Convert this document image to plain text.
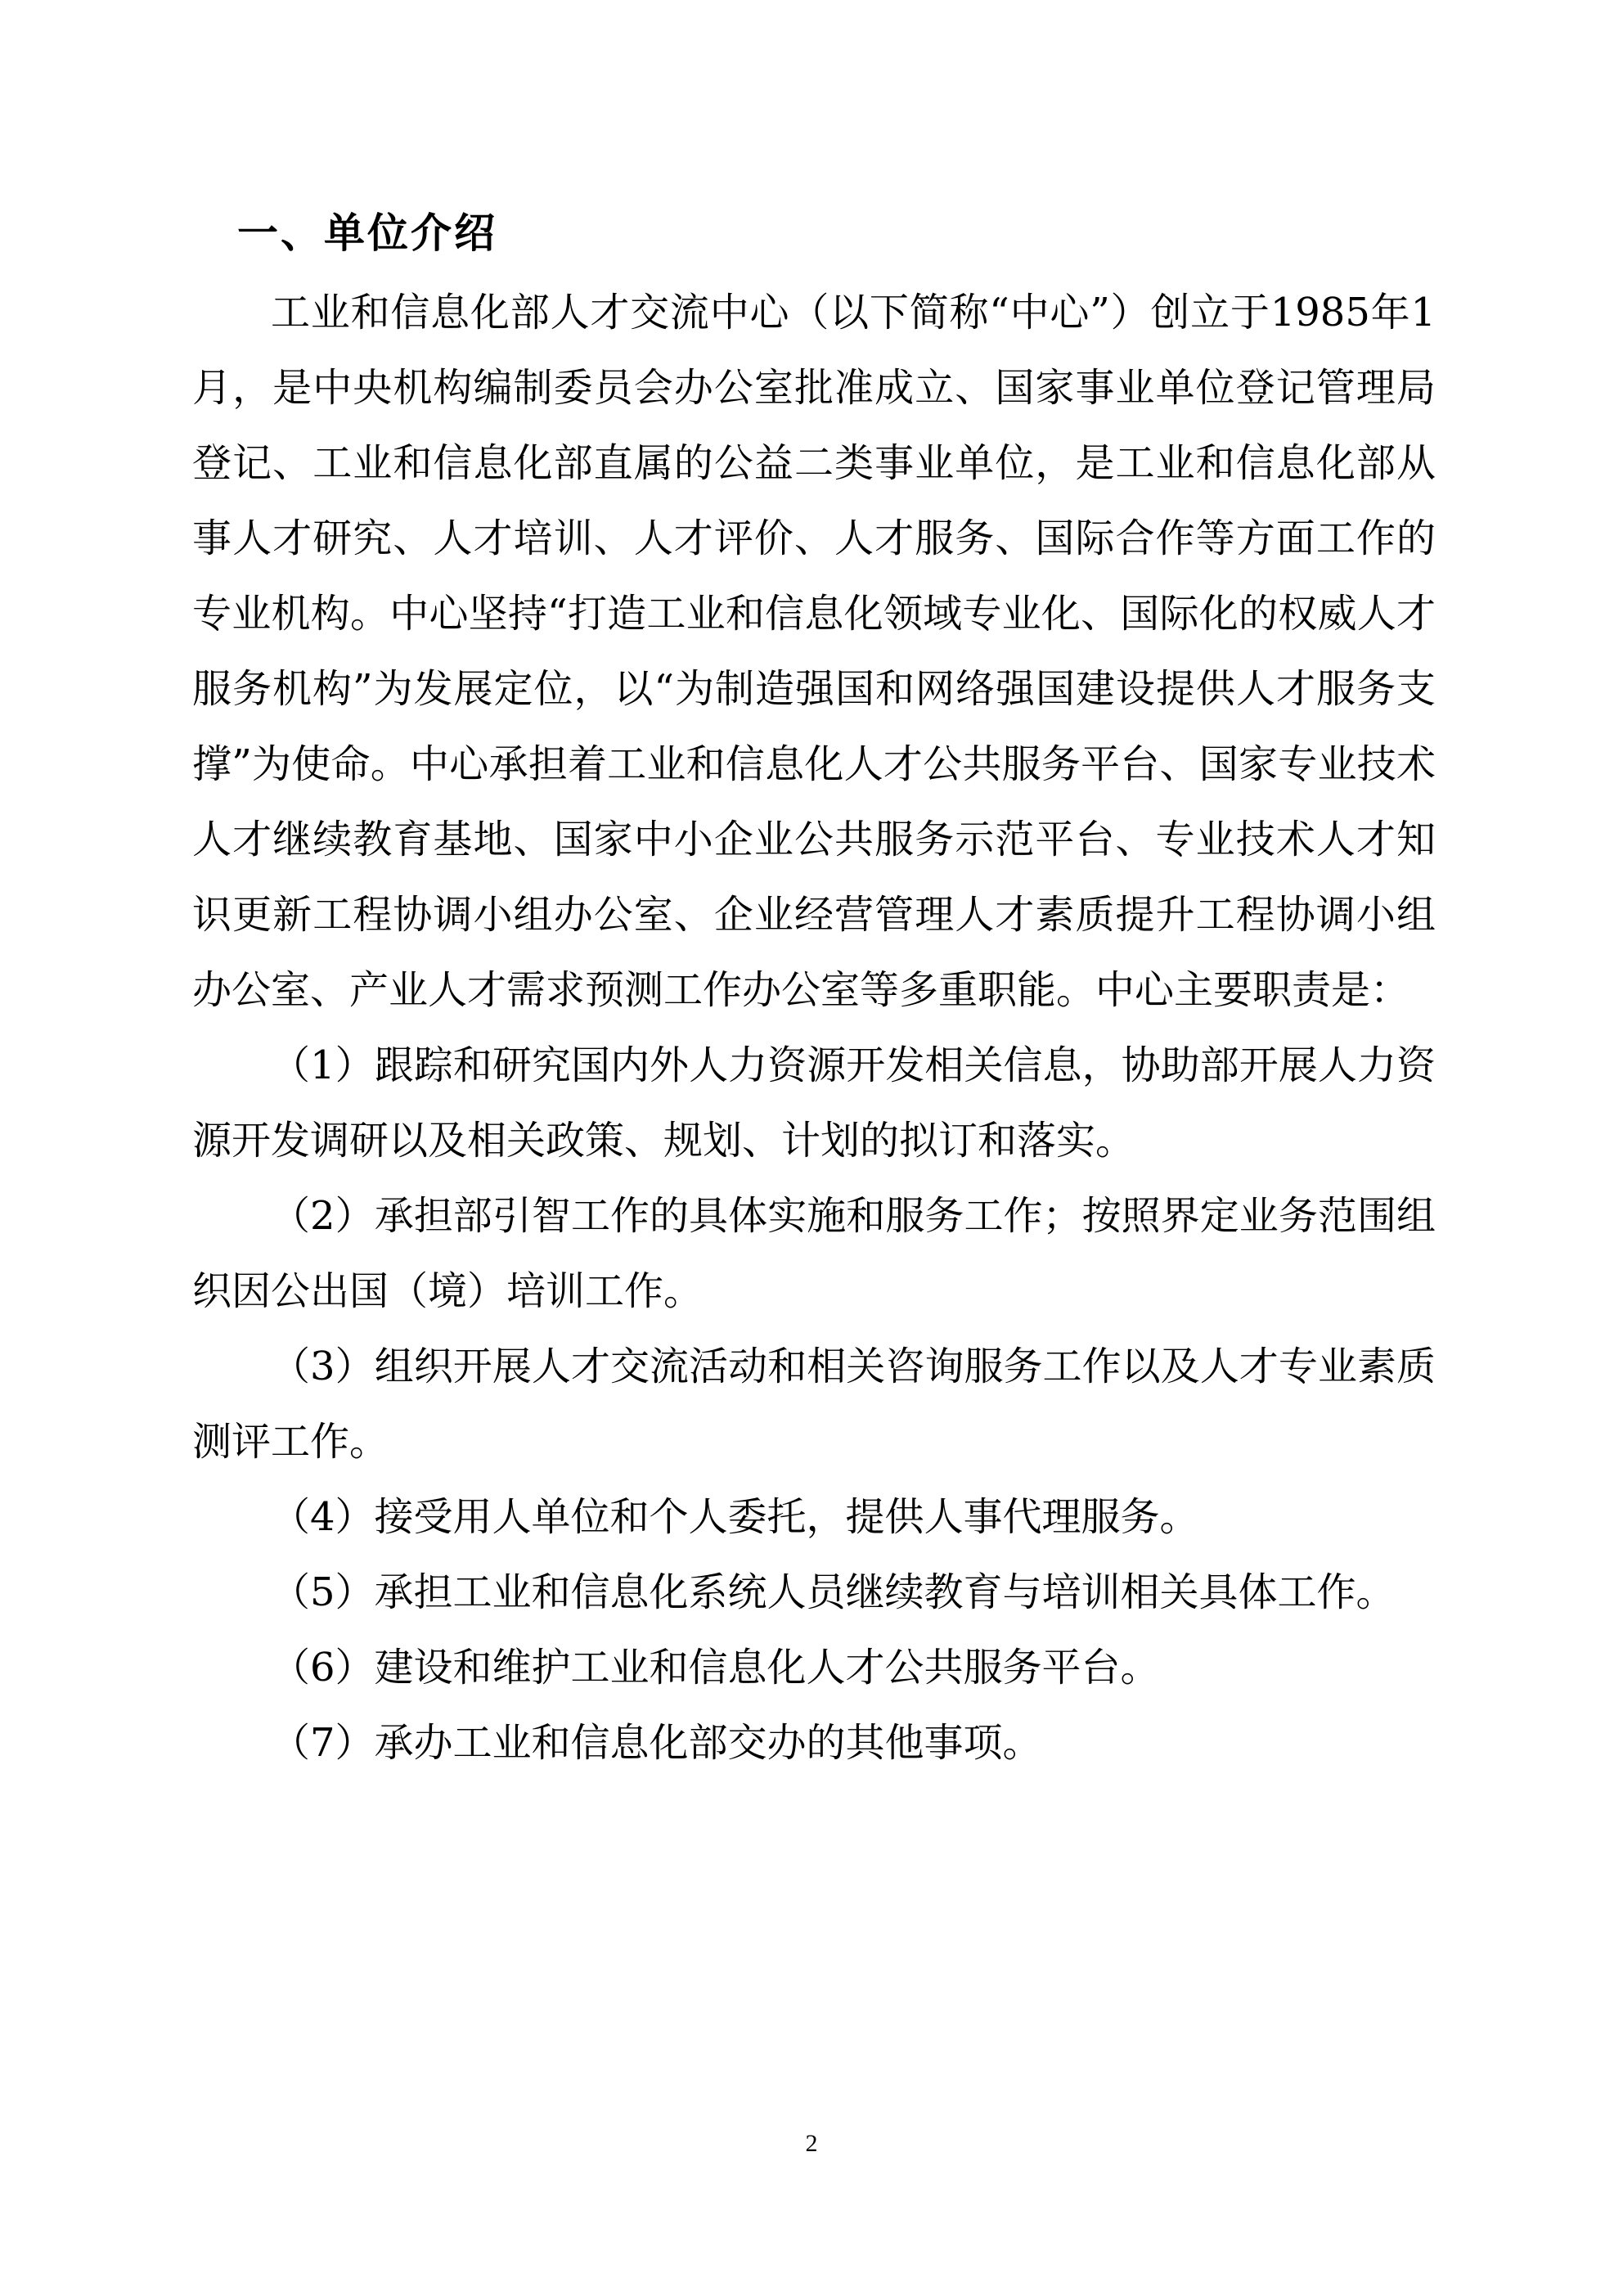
一、单位介绍

工业和信息化部人才交流中心（以下简称“中心”）创立于1985年1月，是中央机构编制委员会办公室批准成立、国家事业单位登记管理局登记、工业和信息化部直属的公益二类事业单位，是工业和信息化部从事人才研究、人才培训、人才评价、人才服务、国际合作等方面工作的专业机构。中心坚持“打造工业和信息化领域专业化、国际化的权威人才服务机构”为发展定位，以“为制造强国和网络强国建设提供人才服务支撑”为使命。中心承担着工业和信息化人才公共服务平台、国家专业技术人才继续教育基地、国家中小企业公共服务示范平台、专业技术人才知识更新工程协调小组办公室、企业经营管理人才素质提升工程协调小组办公室、产业人才需求预测工作办公室等多重职能。中心主要职责是：

（1）跟踪和研究国内外人力资源开发相关信息，协助部开展人力资源开发调研以及相关政策、规划、计划的拟订和落实。

（2）承担部引智工作的具体实施和服务工作；按照界定业务范围组织因公出国（境）培训工作。

（3）组织开展人才交流活动和相关咨询服务工作以及人才专业素质测评工作。

（4）接受用人单位和个人委托，提供人事代理服务。

（5）承担工业和信息化系统人员继续教育与培训相关具体工作。

（6）建设和维护工业和信息化人才公共服务平台。

（7）承办工业和信息化部交办的其他事项。

2
